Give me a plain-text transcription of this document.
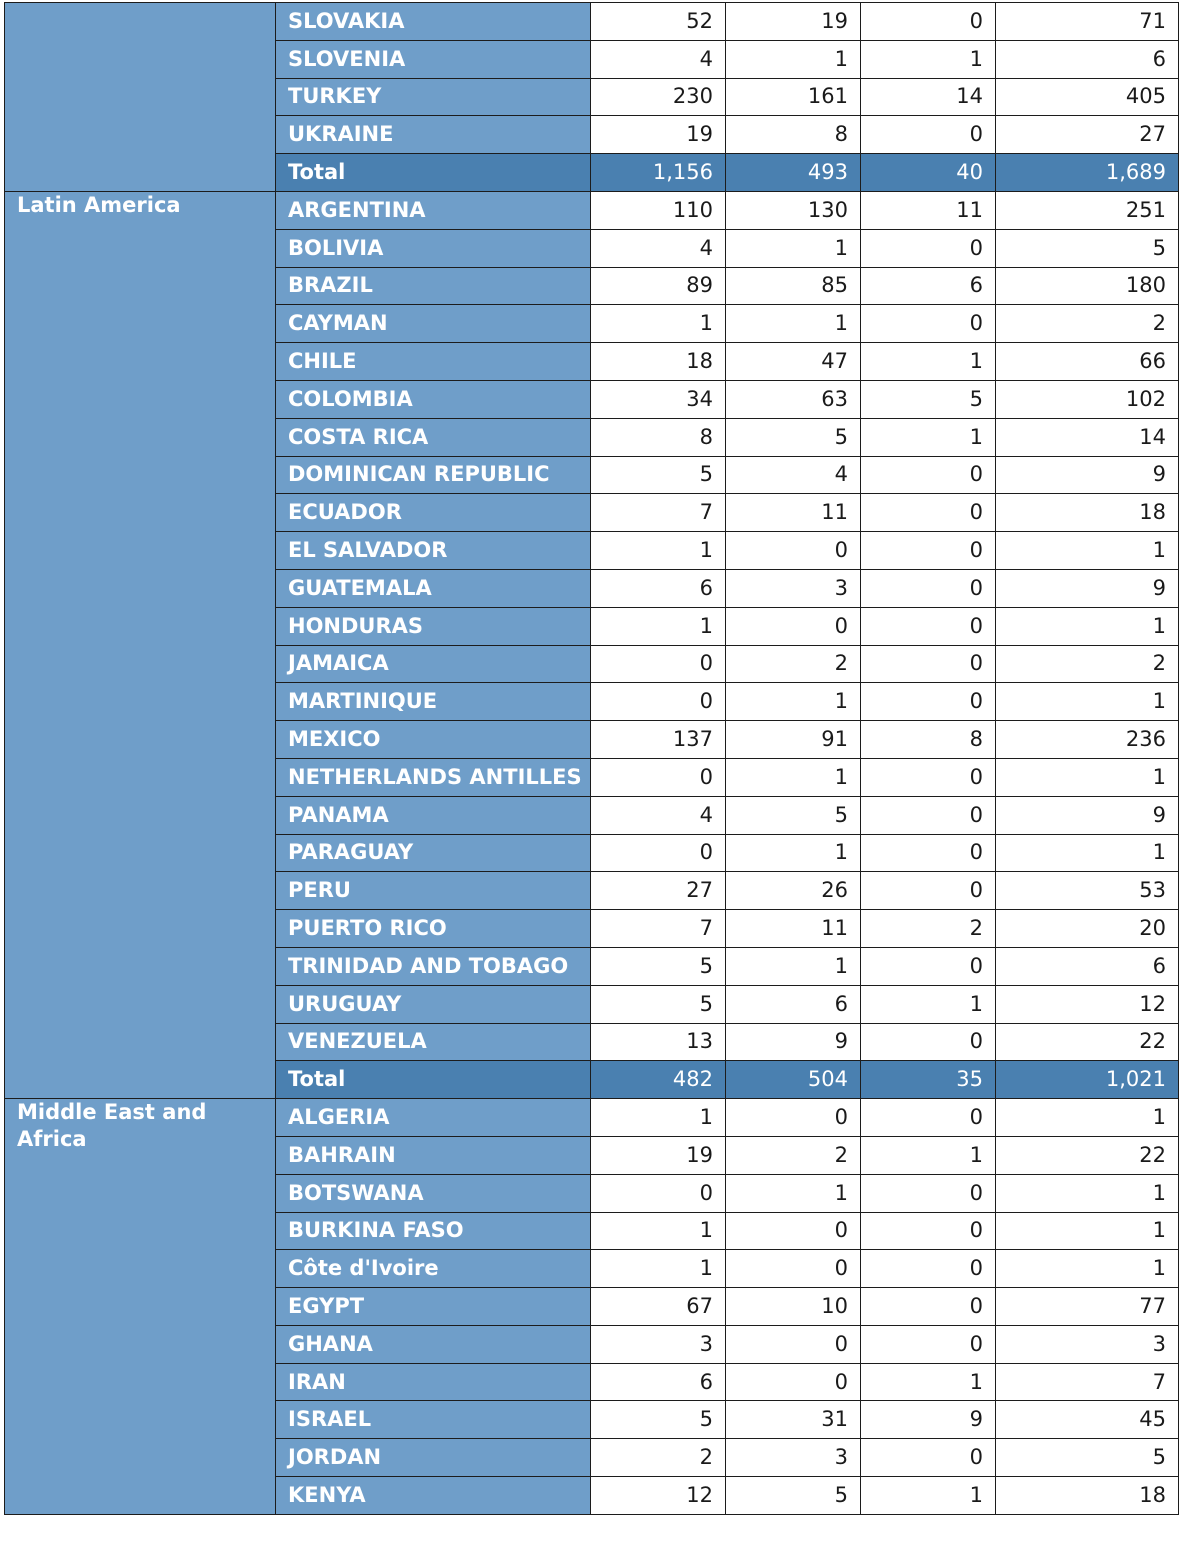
	SLOVAKIA	52	19	0	71
	SLOVENIA	4	1	1	6
	TURKEY	230	161	14	405
	UKRAINE	19	8	0	27
	Total	1,156	493	40	1,689
Latin America	ARGENTINA	110	130	11	251
	BOLIVIA	4	1	0	5
	BRAZIL	89	85	6	180
	CAYMAN	1	1	0	2
	CHILE	18	47	1	66
	COLOMBIA	34	63	5	102
	COSTA RICA	8	5	1	14
	DOMINICAN REPUBLIC	5	4	0	9
	ECUADOR	7	11	0	18
	EL SALVADOR	1	0	0	1
	GUATEMALA	6	3	0	9
	HONDURAS	1	0	0	1
	JAMAICA	0	2	0	2
	MARTINIQUE	0	1	0	1
	MEXICO	137	91	8	236
	NETHERLANDS ANTILLES	0	1	0	1
	PANAMA	4	5	0	9
	PARAGUAY	0	1	0	1
	PERU	27	26	0	53
	PUERTO RICO	7	11	2	20
	TRINIDAD AND TOBAGO	5	1	0	6
	URUGUAY	5	6	1	12
	VENEZUELA	13	9	0	22
	Total	482	504	35	1,021
Middle East and Africa	ALGERIA	1	0	0	1
	BAHRAIN	19	2	1	22
	BOTSWANA	0	1	0	1
	BURKINA FASO	1	0	0	1
	Côte d'Ivoire	1	0	0	1
	EGYPT	67	10	0	77
	GHANA	3	0	0	3
	IRAN	6	0	1	7
	ISRAEL	5	31	9	45
	JORDAN	2	3	0	5
	KENYA	12	5	1	18
